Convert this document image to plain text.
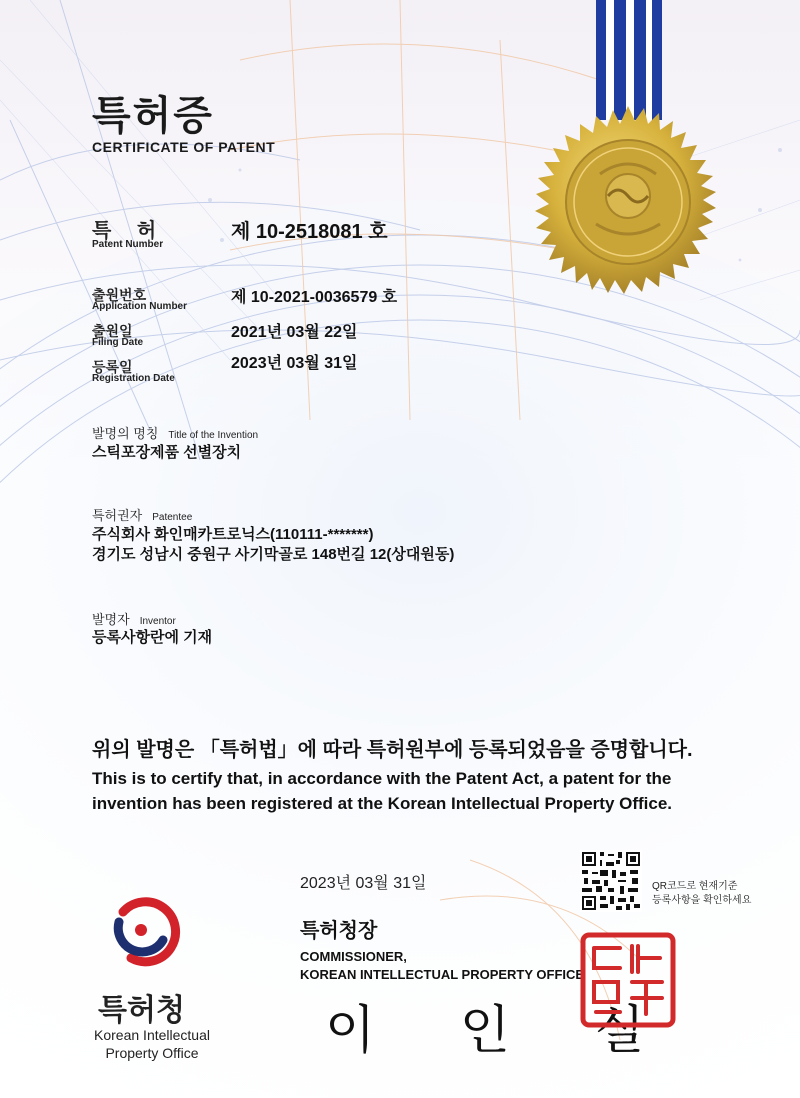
특허증
CERTIFICATE OF PATENT
특 허
Patent Number
제 10-2518081 호
출원번호
Application Number
제 10-2021-0036579 호
출원일
Filing Date
2021년 03월 22일
등록일
Registration Date
2023년 03월 31일
발명의 명칭 Title of the Invention
스틱포장제품 선별장치
특허권자 Patentee
주식회사 화인매카트로닉스(110111-*******)
경기도 성남시 중원구 사기막골로 148번길 12(상대원동)
발명자 Inventor
등록사항란에 기재
위의 발명은 「특허법」에 따라 특허원부에 등록되었음을 증명합니다.
This is to certify that, in accordance with the Patent Act, a patent for the
invention has been registered at the Korean Intellectual Property Office.
2023년 03월 31일	QR코드로 현재기준
등록사항을 확인하세요
특허청장
COMMISSIONER,
KOREAN INTELLECTUAL PROPERTY OFFICE
이 인 실
특허청
Korean Intellectual
Property Office
